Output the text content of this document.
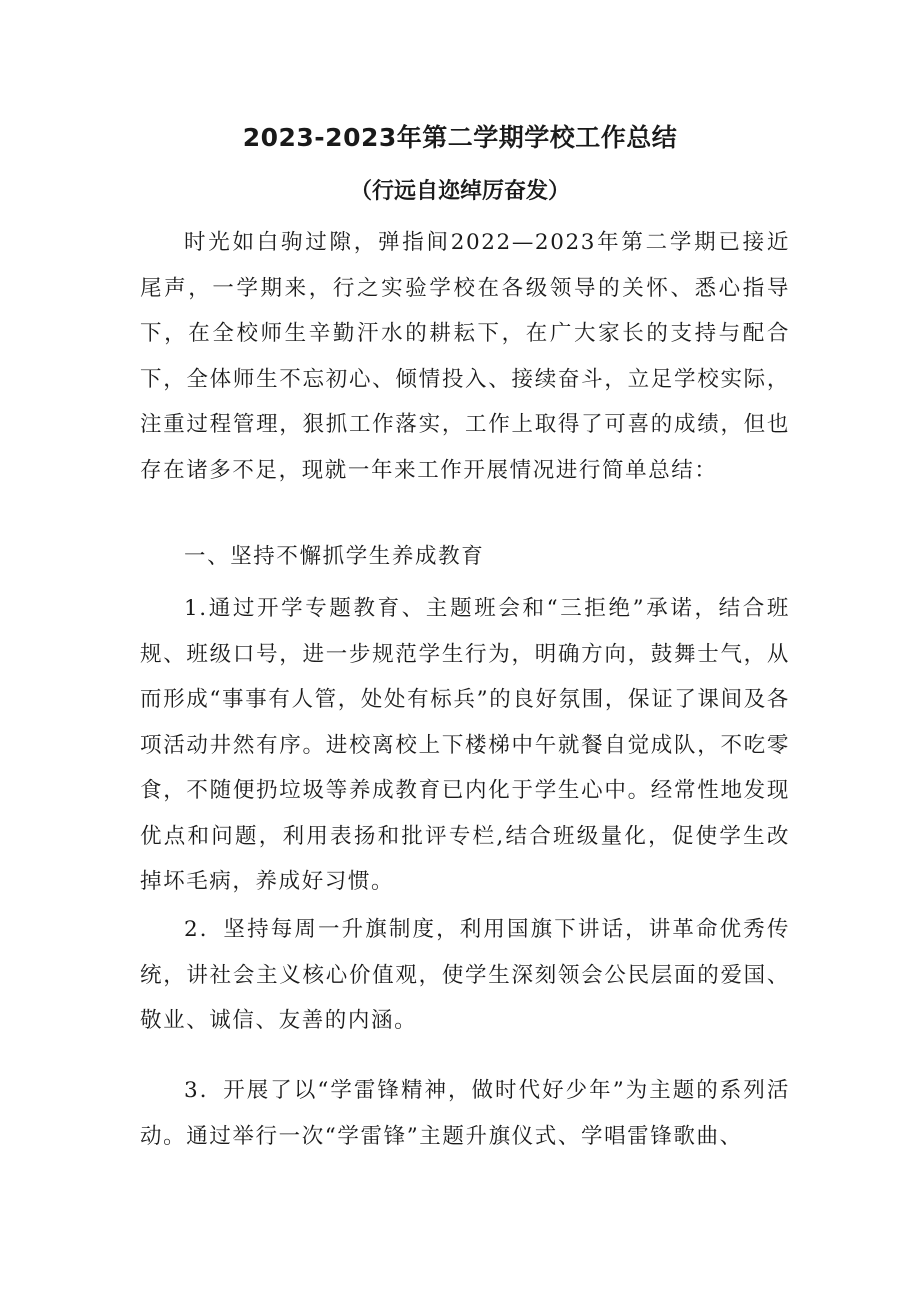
2023-2023年第二学期学校工作总结
（行远自迩绰厉奋发）

时光如白驹过隙，弹指间2022—2023年第二学期已接近尾声，一学期来，行之实验学校在各级领导的关怀、悉心指导下，在全校师生辛勤汗水的耕耘下，在广大家长的支持与配合下，全体师生不忘初心、倾情投入、接续奋斗，立足学校实际，注重过程管理，狠抓工作落实，工作上取得了可喜的成绩，但也存在诸多不足，现就一年来工作开展情况进行简单总结：

一、坚持不懈抓学生养成教育

1.通过开学专题教育、主题班会和“三拒绝”承诺，结合班规、班级口号，进一步规范学生行为，明确方向，鼓舞士气，从而形成“事事有人管，处处有标兵”的良好氛围，保证了课间及各项活动井然有序。进校离校上下楼梯中午就餐自觉成队，不吃零食，不随便扔垃圾等养成教育已内化于学生心中。经常性地发现优点和问题，利用表扬和批评专栏,结合班级量化，促使学生改掉坏毛病，养成好习惯。

2．坚持每周一升旗制度，利用国旗下讲话，讲革命优秀传统，讲社会主义核心价值观，使学生深刻领会公民层面的爱国、敬业、诚信、友善的内涵。

3．开展了以“学雷锋精神，做时代好少年”为主题的系列活动。通过举行一次“学雷锋”主题升旗仪式、学唱雷锋歌曲、
